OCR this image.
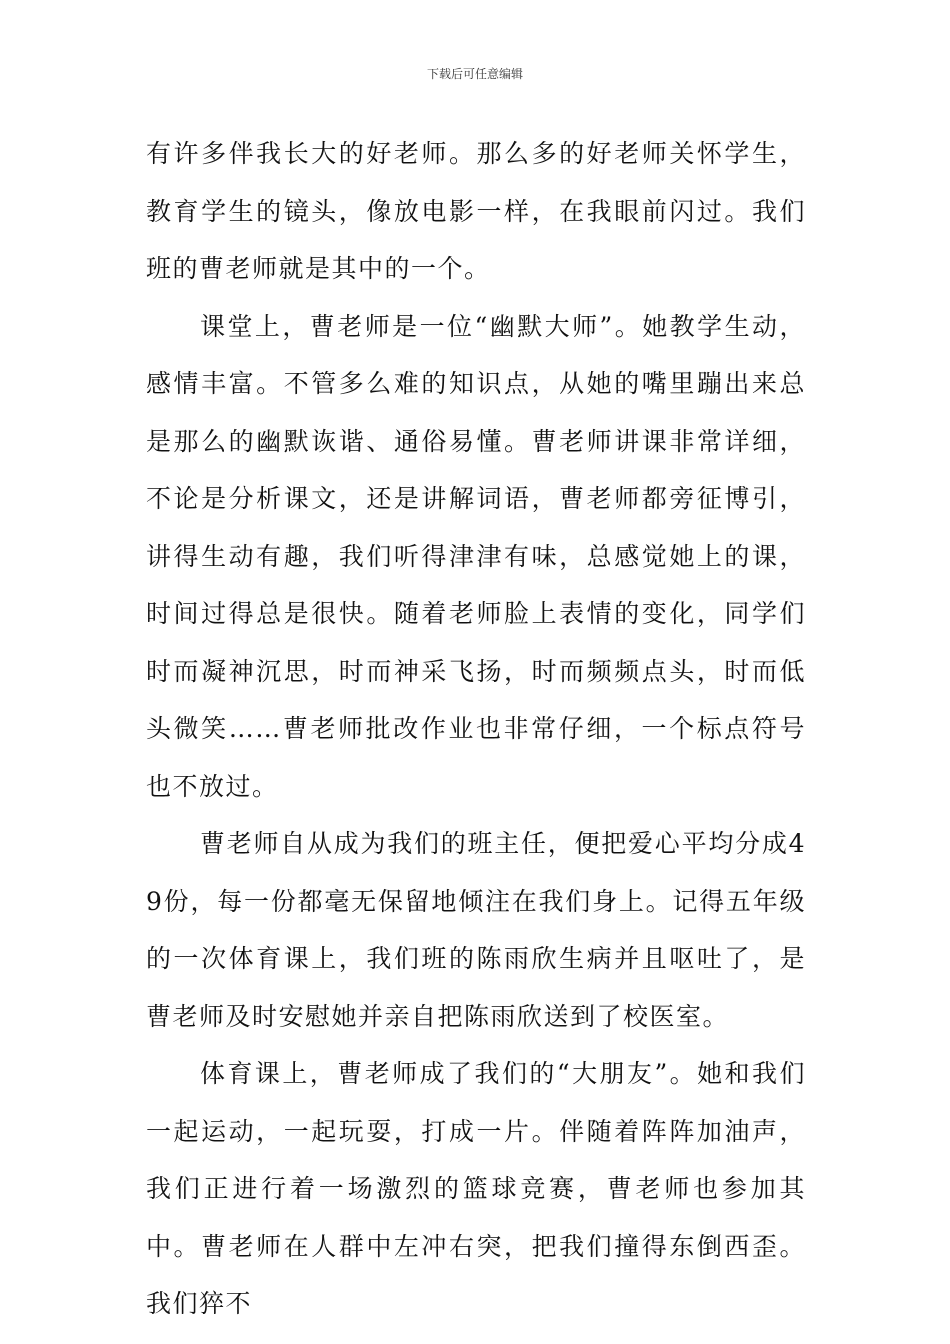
下载后可任意编辑

有许多伴我长大的好老师。那么多的好老师关怀学生，教育学生的镜头，像放电影一样，在我眼前闪过。我们班的曹老师就是其中的一个。

课堂上，曹老师是一位“幽默大师”。她教学生动，感情丰富。不管多么难的知识点，从她的嘴里蹦出来总是那么的幽默诙谐、通俗易懂。曹老师讲课非常详细，不论是分析课文，还是讲解词语，曹老师都旁征博引，讲得生动有趣，我们听得津津有味，总感觉她上的课，时间过得总是很快。随着老师脸上表情的变化，同学们时而凝神沉思，时而神采飞扬，时而频频点头，时而低头微笑……曹老师批改作业也非常仔细，一个标点符号也不放过。

曹老师自从成为我们的班主任，便把爱心平均分成49份，每一份都毫无保留地倾注在我们身上。记得五年级的一次体育课上，我们班的陈雨欣生病并且呕吐了，是曹老师及时安慰她并亲自把陈雨欣送到了校医室。

体育课上，曹老师成了我们的“大朋友”。她和我们一起运动，一起玩耍，打成一片。伴随着阵阵加油声，我们正进行着一场激烈的篮球竞赛，曹老师也参加其中。曹老师在人群中左冲右突，把我们撞得东倒西歪。我们猝不
